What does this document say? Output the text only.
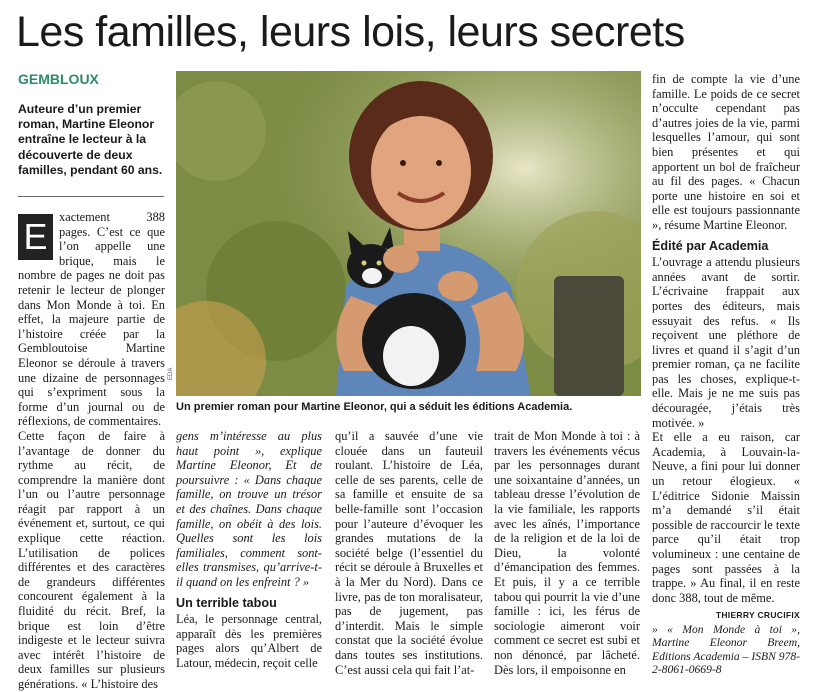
Les familles, leurs lois, leurs secrets
GEMBLOUX
Auteure d’un premier roman, Martine Eleonor entraîne le lecteur à la découverte de deux familles, pendant 60 ans.

E xactement 388 pages. C’est ce que l’on appelle une brique, mais le nombre de pages ne doit pas retenir le lecteur de plonger dans Mon Monde à toi. En effet, la majeure partie de l’histoire créée par la Gembloutoise Martine Eleonor se déroule à travers une dizaine de personnages qui s’expriment sous la forme d’un journal ou de réflexions, de commentaires.

Cette façon de faire à l’avantage de donner du rythme au récit, de comprendre la manière dont l’un ou l’autre personnage réagit par rapport à un événement et, surtout, ce qui explique cette réaction. L’utilisation de polices différentes et des caractères de grandeurs différentes concourent également à la fluidité du récit. Bref, la brique est loin d’être indigeste et le lecteur suivra avec intérêt l’histoire de deux familles sur plusieurs générations. « L’histoire des

EDA
Un premier roman pour Martine Eleonor, qui a séduit les éditions Academia.

gens m’intéresse au plus haut point », explique Martine Eleonor, Et de poursuivre : « Dans chaque famille, on trouve un trésor et des chaînes. Dans chaque famille, on obéit à des lois. Quelles sont les lois familiales, comment sont-elles transmises, qu’arrive-t-il quand on les enfreint ? »

Un terrible tabou

Léa, le personnage central, apparaît dès les premières pages alors qu’Albert de Latour, médecin, reçoit celle

qu’il a sauvée d’une vie clouée dans un fauteuil roulant. L’histoire de Léa, celle de ses parents, celle de sa famille et ensuite de sa belle-famille sont l’occasion pour l’auteure d’évoquer les grandes mutations de la société belge (l’essentiel du récit se déroule à Bruxelles et à la Mer du Nord). Dans ce livre, pas de ton moralisateur, pas de jugement, pas d’interdit. Mais le simple constat que la société évolue dans toutes ses institutions. C’est aussi cela qui fait l’at-

trait de Mon Monde à toi : à travers les événements vécus par les personnages durant une soixantaine d’années, un tableau dresse l’évolution de la vie familiale, les rapports avec les aînés, l’importance de la religion et de la loi de Dieu, la volonté d’émancipation des femmes. Et puis, il y a ce terrible tabou qui pourrit la vie d’une famille : ici, les férus de sociologie aimeront voir comment ce secret est subi et non dénoncé, par lâcheté. Dès lors, il empoisonne en

fin de compte la vie d’une famille. Le poids de ce secret n’occulte cependant pas d’autres joies de la vie, parmi lesquelles l’amour, qui sont bien présentes et qui apportent un bol de fraîcheur au fil des pages. « Chacun porte une histoire en soi et elle est toujours passionnante », résume Martine Eleonor.

Édité par Academia

L’ouvrage a attendu plusieurs années avant de sortir. L’écrivaine frappait aux portes des éditeurs, mais essuyait des refus. « Ils reçoivent une pléthore de livres et quand il s’agit d’un premier roman, ça ne facilite pas les choses, explique-t-elle. Mais je ne me suis pas découragée, j’étais très motivée. »

Et elle a eu raison, car Academia, à Louvain-la-Neuve, a fini pour lui donner un retour élogieux. « L’éditrice Sidonie Maissin m’a demandé s’il était possible de raccourcir le texte parce qu’il était trop volumineux : une centaine de pages sont passées à la trappe. » Au final, il en reste donc 388, tout de même.

THIERRY CRUCIFIX

» « Mon Monde à toi », Martine Eleonor Breem, Editions Academia – ISBN 978-2-8061-0669-8
